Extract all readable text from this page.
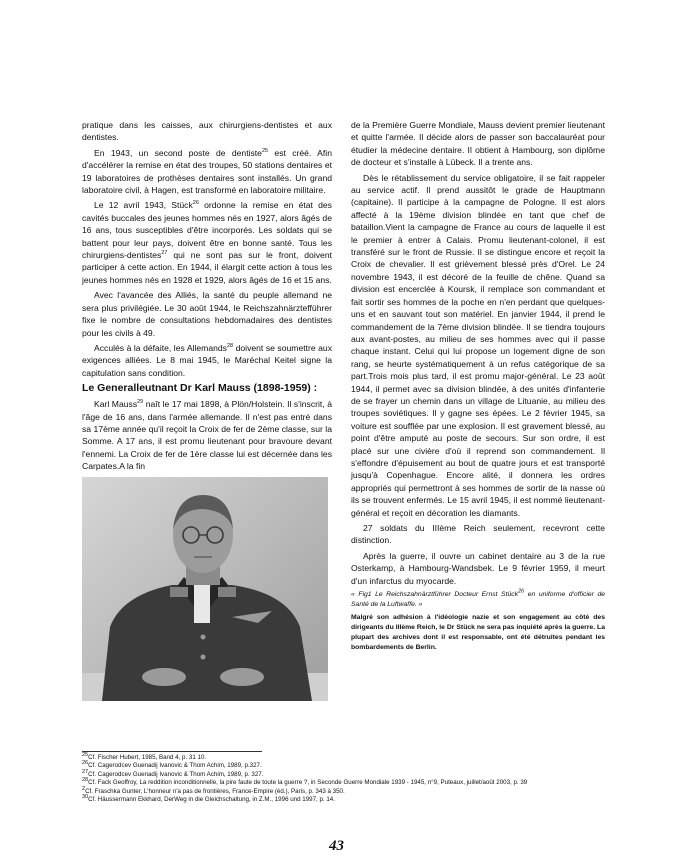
pratique dans les caisses, aux chirurgiens-dentistes et aux dentistes.

En 1943, un second poste de dentiste$^{25}$ est créé. Afin d'accélérer la remise en état des troupes, 50 stations dentaires et 19 laboratoires de prothèses dentaires sont installés. Un grand laboratoire civil, à Hagen, est transformé en laboratoire militaire.

Le 12 avril 1943, Stück$^{26}$ ordonne la remise en état des cavités buccales des jeunes hommes nés en 1927, alors âgés de 16 ans, tous susceptibles d'être incorporés. Les soldats qui se battent pour leur pays, doivent être en bonne santé. Tous les chirurgiens-dentistes$^{27}$ qui ne sont pas sur le front, doivent participer à cette action. En 1944, il élargit cette action à tous les jeunes hommes nés en 1928 et 1929, alors âgés de 16 et 15 ans.

Avec l'avancée des Alliés, la santé du peuple allemand ne sera plus privilégiée. Le 30 août 1944, le Reichszahnärztefführer fixe le nombre de consultations hebdomadaires des dentistes pour les civils à 49.

Acculés à la défaite, les Allemands$^{28}$ doivent se soumettre aux exigences alliées. Le 8 mai 1945, le Maréchal Keitel signe la capitulation sans condition.

Le Generalleutnant Dr Karl Mauss (1898-1959) :

Karl Mauss$^{29}$ naît le 17 mai 1898, à Plön/Holstein. Il s'inscrit, à l'âge de 16 ans, dans l'armée allemande. Il n'est pas entré dans sa 17ème année qu'il reçoit la Croix de fer de 2ème classe, sur la Somme. A 17 ans, il est promu lieutenant pour bravoure devant l'ennemi. La Croix de fer de 1ère classe lui est décernée dans les Carpates.A la fin

de la Première Guerre Mondiale, Mauss devient premier lieutenant et quitte l'armée. Il décide alors de passer son baccalauréat pour étudier la médecine dentaire. Il obtient à Hambourg, son diplôme de docteur et s'installe à Lübeck. Il a trente ans.

Dès le rétablissement du service obligatoire, il se fait rappeler au service actif. Il prend aussitôt le grade de Hauptmann (capitaine). Il participe à la campagne de Pologne. Il est alors affecté à la 19ème division blindée en tant que chef de bataillon.Vient la campagne de France au cours de laquelle il est le premier à entrer à Calais. Promu lieutenant-colonel, il est transféré sur le front de Russie. Il se distingue encore et reçoit la Croix de chevalier. Il est grièvement blessé près d'Orel. Le 24 novembre 1943, il est décoré de la feuille de chêne. Quand sa division est encerclée à Koursk, il remplace son commandant et fait sortir ses hommes de la poche en n'en perdant que quelques-uns et en sauvant tout son matériel. En janvier 1944, il prend le commandement de la 7ème division blindée. Il se tiendra toujours aux avant-postes, au milieu de ses hommes avec qui il passe chaque instant. Celui qui lui propose un logement digne de son rang, se heurte systématiquement à un refus catégorique de sa part.Trois mois plus tard, il est promu major-général. Le 23 août 1944, il permet avec sa division blindée, à des unités d'infanterie de se frayer un chemin dans un village de Lituanie, au milieu des troupes soviétiques. Il y gagne ses épées. Le 2 février 1945, sa voiture est soufflée par une explosion. Il est gravement blessé, au point d'être amputé au poste de secours. Sur son ordre, il est placé sur une civière d'où il reprend son commandement. Il s'effondre d'épuisement au bout de quatre jours et est transporté jusqu'à Copenhague. Encore alité, il donnera les ordres appropriés qui permettront à ses hommes de sortir de la nasse où ils se trouvent enfermés. Le 15 avril 1945, il est nommé lieutenant-général et reçoit en décoration les diamants.

27 soldats du IIIème Reich seulement, recevront cette distinction.

Après la guerre, il ouvre un cabinet dentaire au 3 de la rue Osterkamp, à Hambourg-Wandsbek. Le 9 février 1959, il meurt d'un infarctus du myocarde.

« Fig1 Le Reichszahnärztführer Docteur Ernst Stück$^{26}$ en uniforme d'officier de Santé de la Luftwaffe. »

Malgré son adhésion à l'idéologie nazie et son engagement au côté des dirigeants du IIIème Reich, le Dr Stück ne sera pas inquiété après la guerre. La plupart des archives dont il est responsable, ont été détruites pendant les bombardements de Berlin.

$^{25}$Cf. Fischer Hubert, 1985, Band 4, p. 31 10.
$^{26}$Cf. Cagerodcev Guenadij Ivanovic & Thom Achim, 1989, p.327.
$^{27}$Cf. Cagerodcev Guenadij Ivanovic & Thom Achim, 1989, p. 327.
$^{28}$Cf. Fack Geoffroy, La reddition inconditionnelle, la pire faute de toute la guerre ?, in Seconde Guerre Mondiale 1939 - 1945, n°9, Puteaux, juillet/août 2003, p. 39
$^2$Cf. Fraschka Gunter, L'honneur n'a pas de frontières, France-Empire (éd.), Paris, p. 343 à 350.
$^{30}$Cf. Häussermann Ekkhard, DerWeg in die Gleichschaltung, in Z.M., 1996 und 1997, p. 14.
43
